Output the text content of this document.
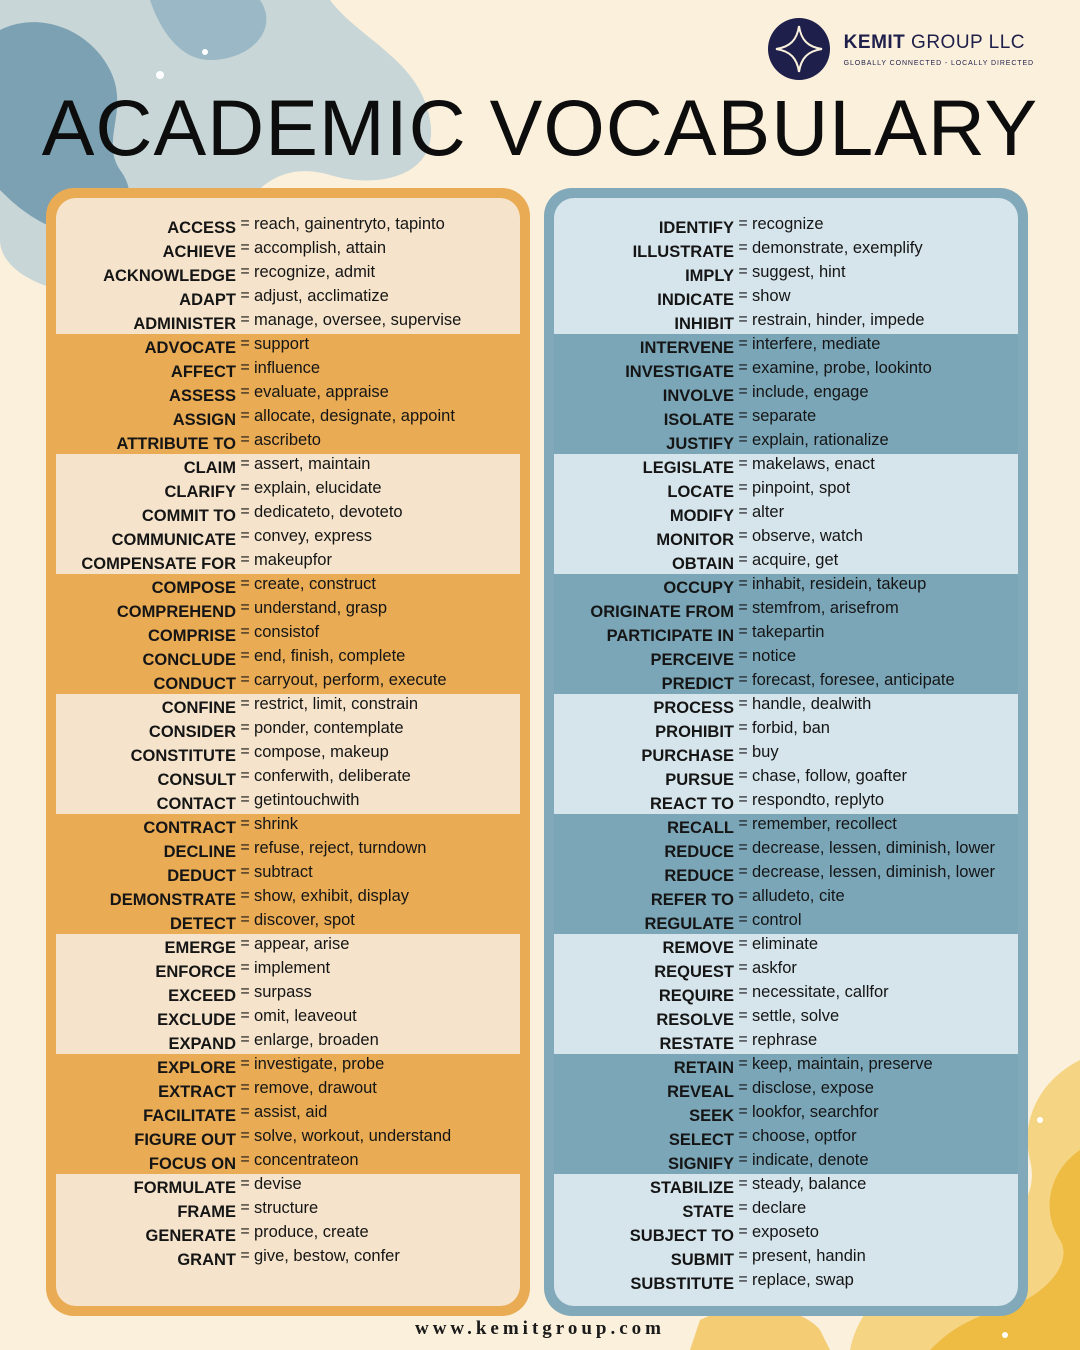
KEMIT GROUP LLC
GLOBALLY CONNECTED - LOCALLY DIRECTED
ACADEMIC VOCABULARY
ACCESS = reach, gainentryto, tapinto
ACHIEVE = accomplish, attain
ACKNOWLEDGE = recognize, admit
ADAPT = adjust, acclimatize
ADMINISTER = manage, oversee, supervise
ADVOCATE = support
AFFECT = influence
ASSESS = evaluate, appraise
ASSIGN = allocate, designate, appoint
ATTRIBUTE TO = ascribeto
CLAIM = assert, maintain
CLARIFY = explain, elucidate
COMMIT TO = dedicateto, devoteto
COMMUNICATE = convey, express
COMPENSATE FOR = makeupfor
COMPOSE = create, construct
COMPREHEND = understand, grasp
COMPRISE = consistof
CONCLUDE = end, finish, complete
CONDUCT = carryout, perform, execute
CONFINE = restrict, limit, constrain
CONSIDER = ponder, contemplate
CONSTITUTE = compose, makeup
CONSULT = conferwith, deliberate
CONTACT = getintouchwith
CONTRACT = shrink
DECLINE = refuse, reject, turndown
DEDUCT = subtract
DEMONSTRATE = show, exhibit, display
DETECT = discover, spot
EMERGE = appear, arise
ENFORCE = implement
EXCEED = surpass
EXCLUDE = omit, leaveout
EXPAND = enlarge, broaden
EXPLORE = investigate, probe
EXTRACT = remove, drawout
FACILITATE = assist, aid
FIGURE OUT = solve, workout, understand
FOCUS ON = concentrateon
FORMULATE = devise
FRAME = structure
GENERATE = produce, create
GRANT = give, bestow, confer
IDENTIFY = recognize
ILLUSTRATE = demonstrate, exemplify
IMPLY = suggest, hint
INDICATE = show
INHIBIT = restrain, hinder, impede
INTERVENE = interfere, mediate
INVESTIGATE = examine, probe, lookinto
INVOLVE = include, engage
ISOLATE = separate
JUSTIFY = explain, rationalize
LEGISLATE = makelaws, enact
LOCATE = pinpoint, spot
MODIFY = alter
MONITOR = observe, watch
OBTAIN = acquire, get
OCCUPY = inhabit, residein, takeup
ORIGINATE FROM = stemfrom, arisefrom
PARTICIPATE IN = takepartin
PERCEIVE = notice
PREDICT = forecast, foresee, anticipate
PROCESS = handle, dealwith
PROHIBIT = forbid, ban
PURCHASE = buy
PURSUE = chase, follow, goafter
REACT TO = respondto, replyto
RECALL = remember, recollect
REDUCE = decrease, lessen, diminish, lower
REDUCE = decrease, lessen, diminish, lower
REFER TO = alludeto, cite
REGULATE = control
REMOVE = eliminate
REQUEST = askfor
REQUIRE = necessitate, callfor
RESOLVE = settle, solve
RESTATE = rephrase
RETAIN = keep, maintain, preserve
REVEAL = disclose, expose
SEEK = lookfor, searchfor
SELECT = choose, optfor
SIGNIFY = indicate, denote
STABILIZE = steady, balance
STATE = declare
SUBJECT TO = exposeto
SUBMIT = present, handin
SUBSTITUTE = replace, swap
www.kemitgroup.com
